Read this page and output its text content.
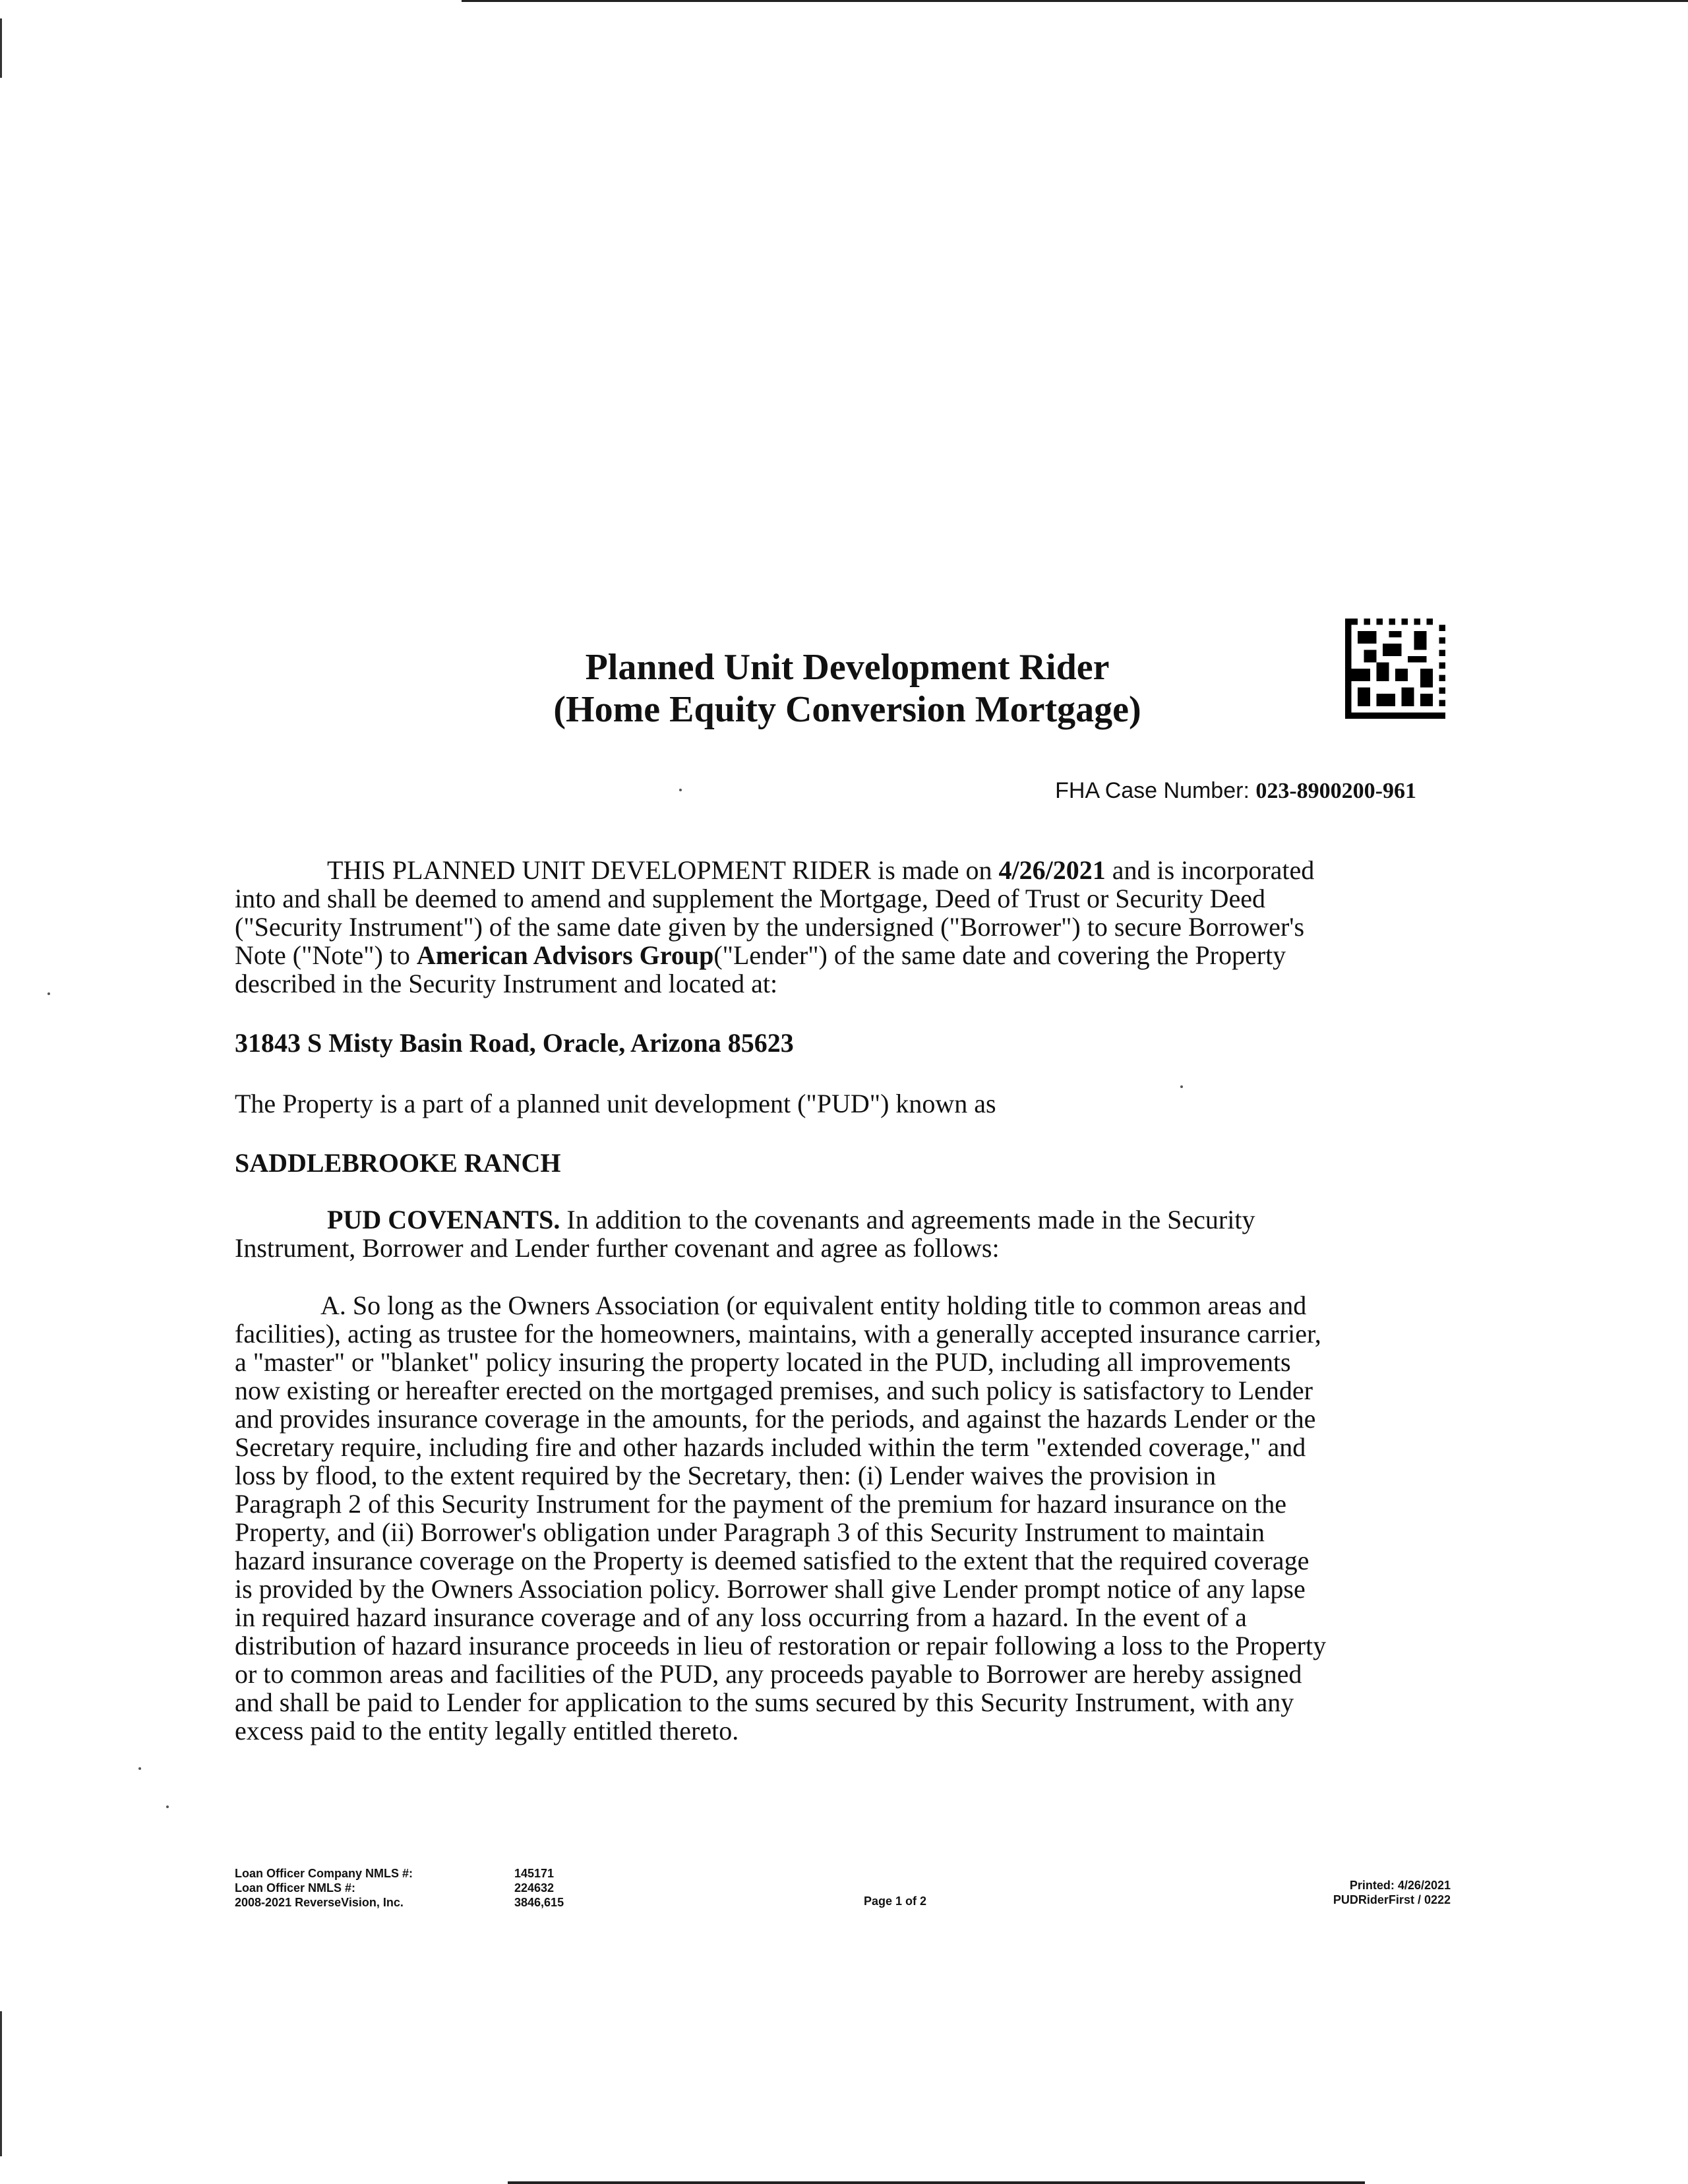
Planned Unit Development Rider
(Home Equity Conversion Mortgage)
FHA Case Number: 023-8900200-961
THIS PLANNED UNIT DEVELOPMENT RIDER is made on 4/26/2021 and is incorporated into and shall be deemed to amend and supplement the Mortgage, Deed of Trust or Security Deed ("Security Instrument") of the same date given by the undersigned ("Borrower") to secure Borrower's Note ("Note") to American Advisors Group("Lender") of the same date and covering the Property described in the Security Instrument and located at:
31843 S Misty Basin Road, Oracle, Arizona 85623
The Property is a part of a planned unit development ("PUD") known as
SADDLEBROOKE RANCH
PUD COVENANTS. In addition to the covenants and agreements made in the Security Instrument, Borrower and Lender further covenant and agree as follows:
A. So long as the Owners Association (or equivalent entity holding title to common areas and facilities), acting as trustee for the homeowners, maintains, with a generally accepted insurance carrier, a "master" or "blanket" policy insuring the property located in the PUD, including all improvements now existing or hereafter erected on the mortgaged premises, and such policy is satisfactory to Lender and provides insurance coverage in the amounts, for the periods, and against the hazards Lender or the Secretary require, including fire and other hazards included within the term "extended coverage," and loss by flood, to the extent required by the Secretary, then: (i) Lender waives the provision in Paragraph 2 of this Security Instrument for the payment of the premium for hazard insurance on the Property, and (ii) Borrower's obligation under Paragraph 3 of this Security Instrument to maintain hazard insurance coverage on the Property is deemed satisfied to the extent that the required coverage is provided by the Owners Association policy. Borrower shall give Lender prompt notice of any lapse in required hazard insurance coverage and of any loss occurring from a hazard. In the event of a distribution of hazard insurance proceeds in lieu of restoration or repair following a loss to the Property or to common areas and facilities of the PUD, any proceeds payable to Borrower are hereby assigned and shall be paid to Lender for application to the sums secured by this Security Instrument, with any excess paid to the entity legally entitled thereto.
Loan Officer Company NMLS #:
Loan Officer NMLS #:
2008-2021 ReverseVision, Inc.
145171
224632
3846,615	Page 1 of 2
Printed: 4/26/2021
PUDRiderFirst / 0222
